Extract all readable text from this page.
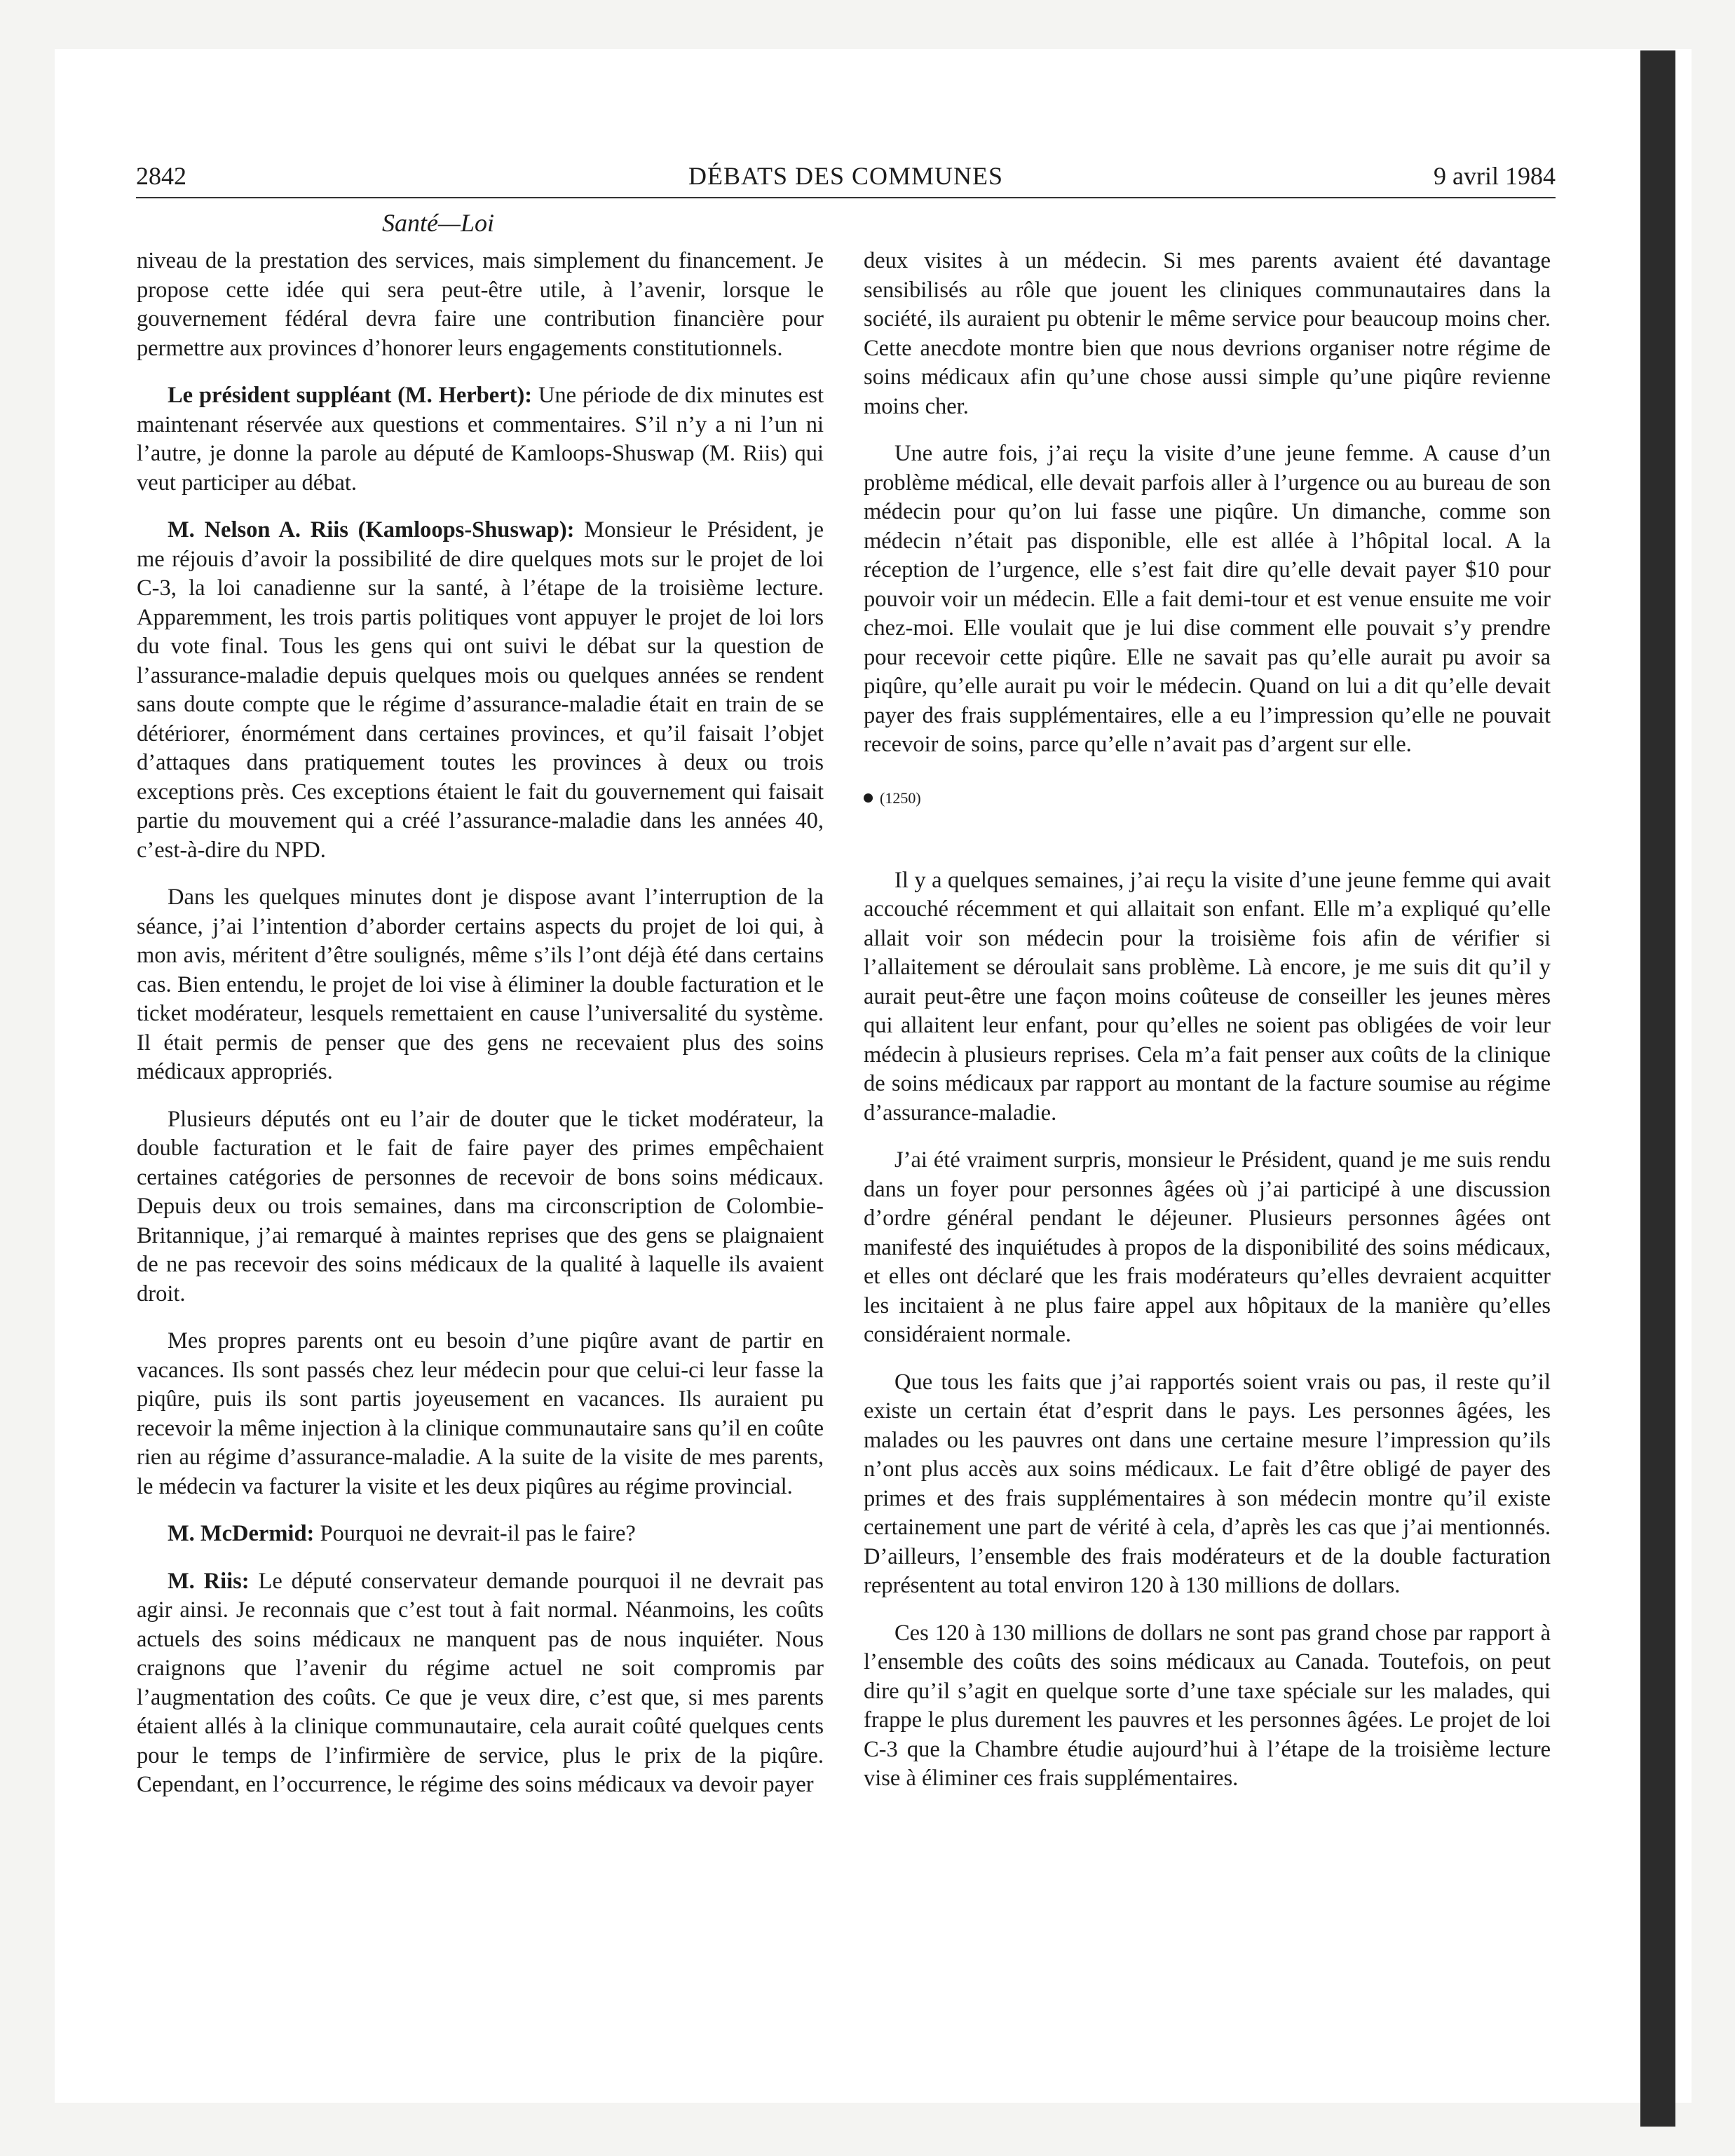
2842	DÉBATS DES COMMUNES	9 avril 1984
Santé—Loi

niveau de la prestation des services, mais simplement du financement. Je propose cette idée qui sera peut-être utile, à l’avenir, lorsque le gouvernement fédéral devra faire une contribution financière pour permettre aux provinces d’honorer leurs engagements constitutionnels.

Le président suppléant (M. Herbert): Une période de dix minutes est maintenant réservée aux questions et commentaires. S’il n’y a ni l’un ni l’autre, je donne la parole au député de Kamloops-Shuswap (M. Riis) qui veut participer au débat.

M. Nelson A. Riis (Kamloops-Shuswap): Monsieur le Président, je me réjouis d’avoir la possibilité de dire quelques mots sur le projet de loi C-3, la loi canadienne sur la santé, à l’étape de la troisième lecture. Apparemment, les trois partis politiques vont appuyer le projet de loi lors du vote final. Tous les gens qui ont suivi le débat sur la question de l’assurance-maladie depuis quelques mois ou quelques années se rendent sans doute compte que le régime d’assurance-maladie était en train de se détériorer, énormément dans certaines provinces, et qu’il faisait l’objet d’attaques dans pratiquement toutes les provinces à deux ou trois exceptions près. Ces exceptions étaient le fait du gouvernement qui faisait partie du mouvement qui a créé l’assurance-maladie dans les années 40, c’est-à-dire du NPD.

Dans les quelques minutes dont je dispose avant l’interruption de la séance, j’ai l’intention d’aborder certains aspects du projet de loi qui, à mon avis, méritent d’être soulignés, même s’ils l’ont déjà été dans certains cas. Bien entendu, le projet de loi vise à éliminer la double facturation et le ticket modérateur, lesquels remettaient en cause l’universalité du système. Il était permis de penser que des gens ne recevaient plus des soins médicaux appropriés.

Plusieurs députés ont eu l’air de douter que le ticket modérateur, la double facturation et le fait de faire payer des primes empêchaient certaines catégories de personnes de recevoir de bons soins médicaux. Depuis deux ou trois semaines, dans ma circonscription de Colombie-Britannique, j’ai remarqué à maintes reprises que des gens se plaignaient de ne pas recevoir des soins médicaux de la qualité à laquelle ils avaient droit.

Mes propres parents ont eu besoin d’une piqûre avant de partir en vacances. Ils sont passés chez leur médecin pour que celui-ci leur fasse la piqûre, puis ils sont partis joyeusement en vacances. Ils auraient pu recevoir la même injection à la clinique communautaire sans qu’il en coûte rien au régime d’assurance-maladie. A la suite de la visite de mes parents, le médecin va facturer la visite et les deux piqûres au régime provincial.

M. McDermid: Pourquoi ne devrait-il pas le faire?

M. Riis: Le député conservateur demande pourquoi il ne devrait pas agir ainsi. Je reconnais que c’est tout à fait normal. Néanmoins, les coûts actuels des soins médicaux ne manquent pas de nous inquiéter. Nous craignons que l’avenir du régime actuel ne soit compromis par l’augmentation des coûts. Ce que je veux dire, c’est que, si mes parents étaient allés à la clinique communautaire, cela aurait coûté quelques cents pour le temps de l’infirmière de service, plus le prix de la piqûre. Cependant, en l’occurrence, le régime des soins médicaux va devoir payer

deux visites à un médecin. Si mes parents avaient été davantage sensibilisés au rôle que jouent les cliniques communautaires dans la société, ils auraient pu obtenir le même service pour beaucoup moins cher. Cette anecdote montre bien que nous devrions organiser notre régime de soins médicaux afin qu’une chose aussi simple qu’une piqûre revienne moins cher.

Une autre fois, j’ai reçu la visite d’une jeune femme. A cause d’un problème médical, elle devait parfois aller à l’urgence ou au bureau de son médecin pour qu’on lui fasse une piqûre. Un dimanche, comme son médecin n’était pas disponible, elle est allée à l’hôpital local. A la réception de l’urgence, elle s’est fait dire qu’elle devait payer $10 pour pouvoir voir un médecin. Elle a fait demi-tour et est venue ensuite me voir chez-moi. Elle voulait que je lui dise comment elle pouvait s’y prendre pour recevoir cette piqûre. Elle ne savait pas qu’elle aurait pu avoir sa piqûre, qu’elle aurait pu voir le médecin. Quand on lui a dit qu’elle devait payer des frais supplémentaires, elle a eu l’impression qu’elle ne pouvait recevoir de soins, parce qu’elle n’avait pas d’argent sur elle.

(1250)

Il y a quelques semaines, j’ai reçu la visite d’une jeune femme qui avait accouché récemment et qui allaitait son enfant. Elle m’a expliqué qu’elle allait voir son médecin pour la troisième fois afin de vérifier si l’allaitement se déroulait sans problème. Là encore, je me suis dit qu’il y aurait peut-être une façon moins coûteuse de conseiller les jeunes mères qui allaitent leur enfant, pour qu’elles ne soient pas obligées de voir leur médecin à plusieurs reprises. Cela m’a fait penser aux coûts de la clinique de soins médicaux par rapport au montant de la facture soumise au régime d’assurance-maladie.

J’ai été vraiment surpris, monsieur le Président, quand je me suis rendu dans un foyer pour personnes âgées où j’ai participé à une discussion d’ordre général pendant le déjeuner. Plusieurs personnes âgées ont manifesté des inquiétudes à propos de la disponibilité des soins médicaux, et elles ont déclaré que les frais modérateurs qu’elles devraient acquitter les incitaient à ne plus faire appel aux hôpitaux de la manière qu’elles considéraient normale.

Que tous les faits que j’ai rapportés soient vrais ou pas, il reste qu’il existe un certain état d’esprit dans le pays. Les personnes âgées, les malades ou les pauvres ont dans une certaine mesure l’impression qu’ils n’ont plus accès aux soins médicaux. Le fait d’être obligé de payer des primes et des frais supplémentaires à son médecin montre qu’il existe certainement une part de vérité à cela, d’après les cas que j’ai mentionnés. D’ailleurs, l’ensemble des frais modérateurs et de la double facturation représentent au total environ 120 à 130 millions de dollars.

Ces 120 à 130 millions de dollars ne sont pas grand chose par rapport à l’ensemble des coûts des soins médicaux au Canada. Toutefois, on peut dire qu’il s’agit en quelque sorte d’une taxe spéciale sur les malades, qui frappe le plus durement les pauvres et les personnes âgées. Le projet de loi C-3 que la Chambre étudie aujourd’hui à l’étape de la troisième lecture vise à éliminer ces frais supplémentaires.
